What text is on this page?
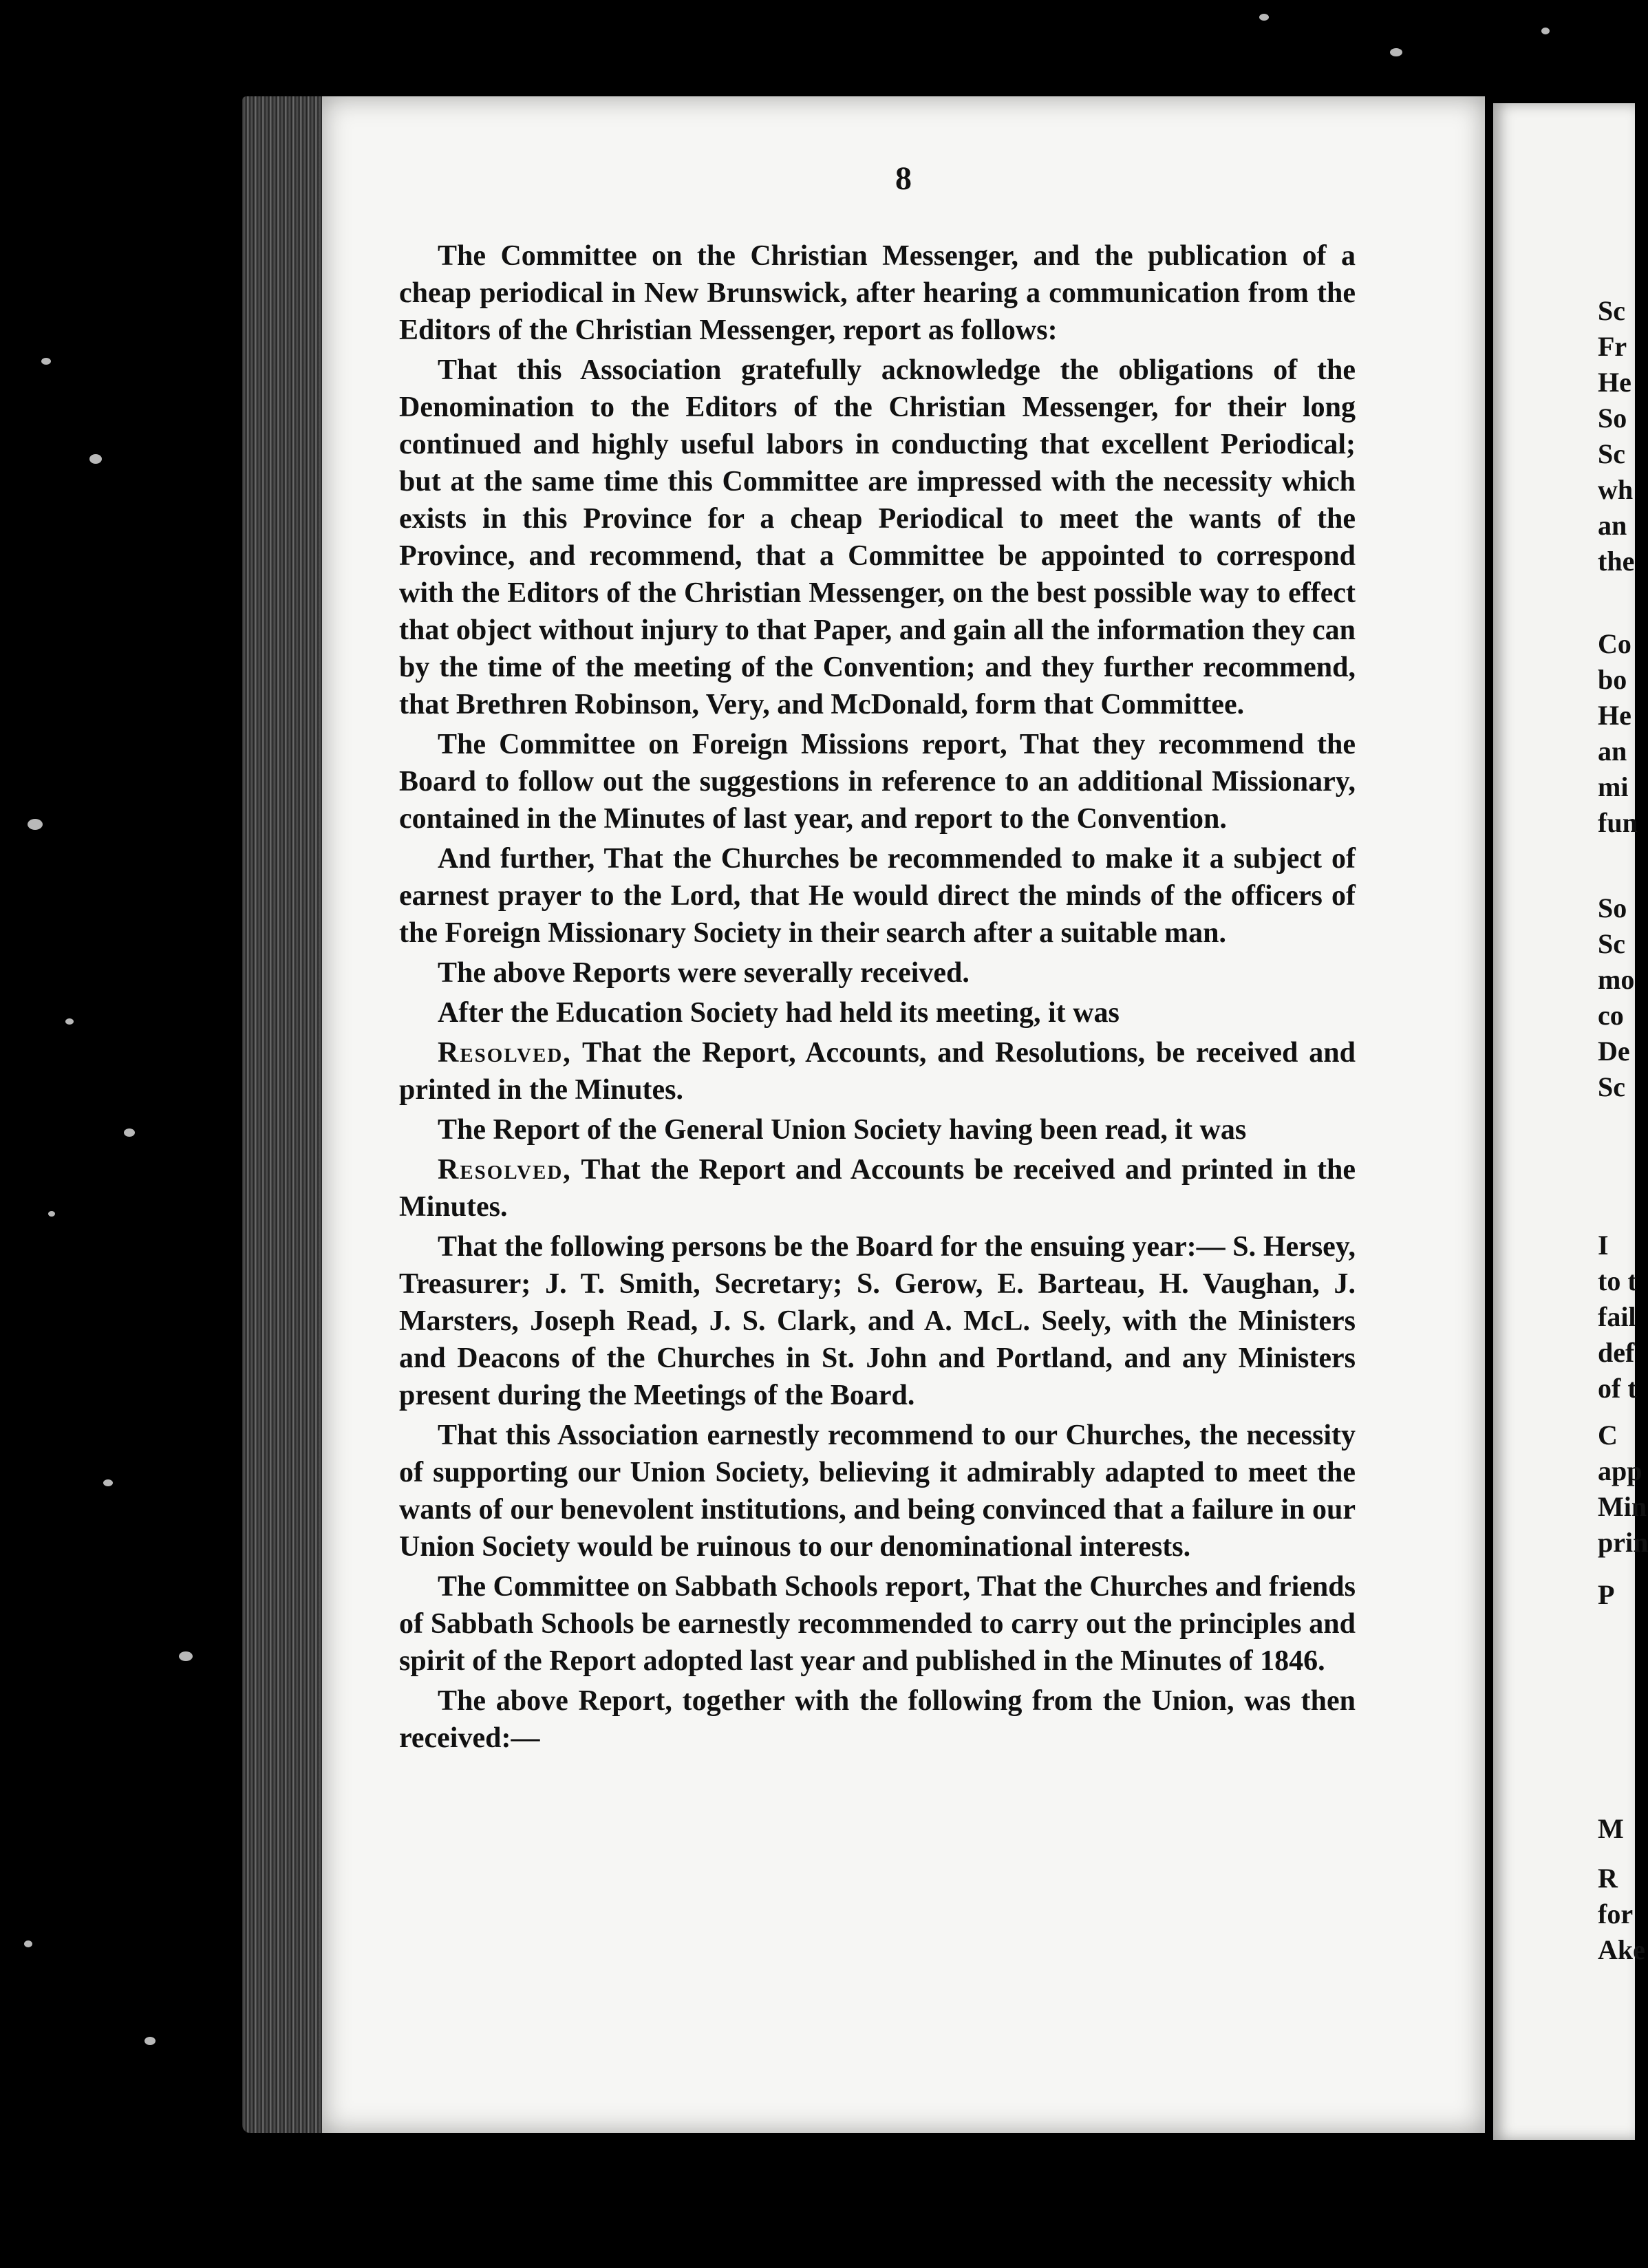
8

The Committee on the Christian Messenger, and the publication of a cheap periodical in New Brunswick, after hearing a communication from the Editors of the Christian Messenger, report as follows:

That this Association gratefully acknowledge the obligations of the Denomination to the Editors of the Christian Messenger, for their long continued and highly useful labors in conducting that excellent Periodical; but at the same time this Committee are impressed with the necessity which exists in this Province for a cheap Periodical to meet the wants of the Province, and recommend, that a Committee be appointed to correspond with the Editors of the Christian Messenger, on the best possible way to effect that object without injury to that Paper, and gain all the information they can by the time of the meeting of the Convention; and they further recommend, that Brethren Robinson, Very, and McDonald, form that Committee.

The Committee on Foreign Missions report, That they recommend the Board to follow out the suggestions in reference to an additional Missionary, contained in the Minutes of last year, and report to the Convention.

And further, That the Churches be recommended to make it a subject of earnest prayer to the Lord, that He would direct the minds of the officers of the Foreign Missionary Society in their search after a suitable man.

The above Reports were severally received.

After the Education Society had held its meeting, it was

Resolved, That the Report, Accounts, and Resolutions, be received and printed in the Minutes.

The Report of the General Union Society having been read, it was

Resolved, That the Report and Accounts be received and printed in the Minutes.

That the following persons be the Board for the ensuing year:— S. Hersey, Treasurer; J. T. Smith, Secretary; S. Gerow, E. Barteau, H. Vaughan, J. Marsters, Joseph Read, J. S. Clark, and A. McL. Seely, with the Ministers and Deacons of the Churches in St. John and Portland, and any Ministers present during the Meetings of the Board.

That this Association earnestly recommend to our Churches, the necessity of supporting our Union Society, believing it admirably adapted to meet the wants of our benevolent institutions, and being convinced that a failure in our Union Society would be ruinous to our denominational interests.

The Committee on Sabbath Schools report, That the Churches and friends of Sabbath Schools be earnestly recommended to carry out the principles and spirit of the Report adopted last year and published in the Minutes of 1846.

The above Report, together with the following from the Union, was then received:—

Sc
Fr
He
So
Sc
wh
an
the
Co
bo
He
an
mi
fun
So
Sc
mo
co
De
Sc
I
to t
fail
def
of t
C
app
Min
prin
P
M
R
for
Ake
